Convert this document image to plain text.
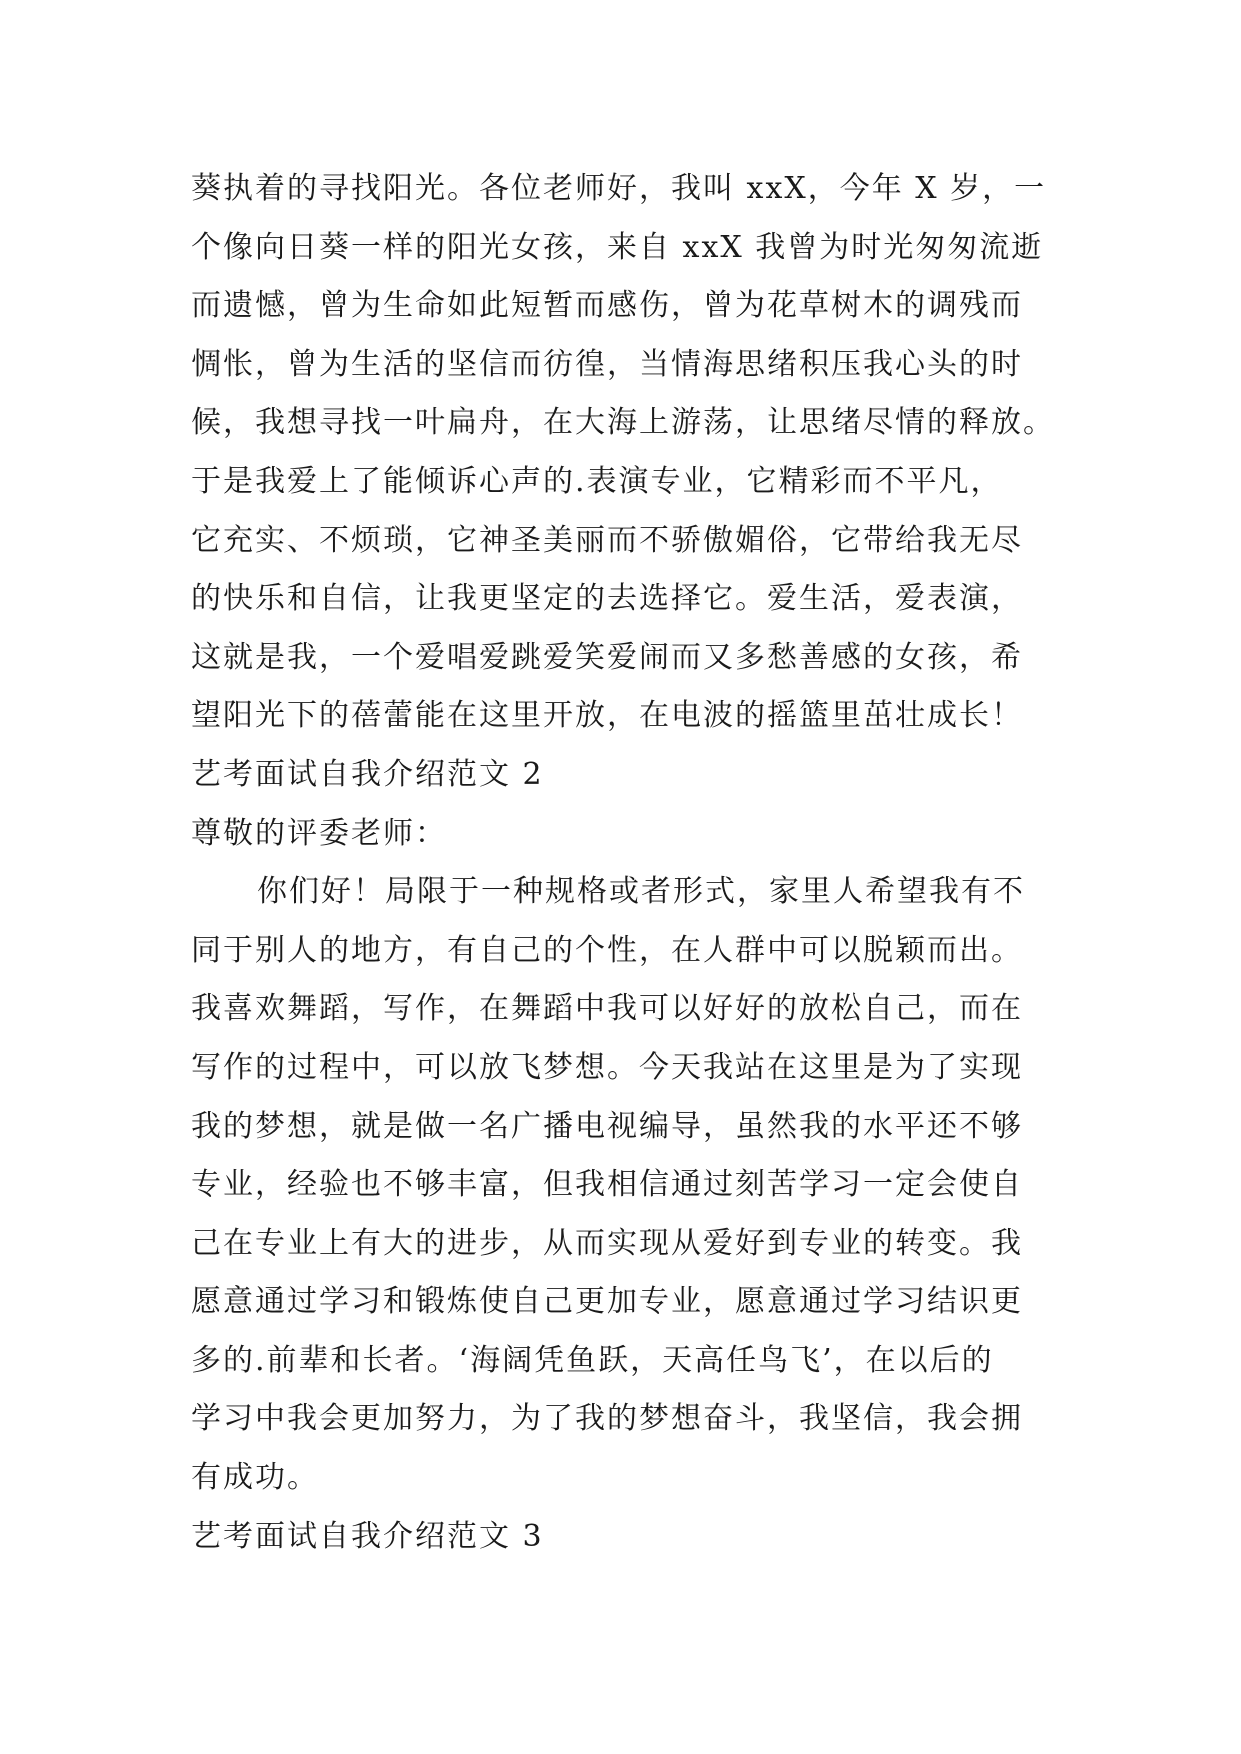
葵执着的寻找阳光。各位老师好，我叫 xxX，今年 X 岁，一
个像向日葵一样的阳光女孩，来自 xxX 我曾为时光匆匆流逝
而遗憾，曾为生命如此短暂而感伤，曾为花草树木的调残而
惆怅，曾为生活的坚信而彷徨，当情海思绪积压我心头的时
候，我想寻找一叶扁舟，在大海上游荡，让思绪尽情的释放。
于是我爱上了能倾诉心声的.表演专业，它精彩而不平凡，
它充实、不烦琐，它神圣美丽而不骄傲媚俗，它带给我无尽
的快乐和自信，让我更坚定的去选择它。爱生活，爱表演，
这就是我，一个爱唱爱跳爱笑爱闹而又多愁善感的女孩，希
望阳光下的蓓蕾能在这里开放，在电波的摇篮里茁壮成长！
艺考面试自我介绍范文 2
尊敬的评委老师：
你们好！局限于一种规格或者形式，家里人希望我有不
同于别人的地方，有自己的个性，在人群中可以脱颖而出。
我喜欢舞蹈，写作，在舞蹈中我可以好好的放松自己，而在
写作的过程中，可以放飞梦想。今天我站在这里是为了实现
我的梦想，就是做一名广播电视编导，虽然我的水平还不够
专业，经验也不够丰富，但我相信通过刻苦学习一定会使自
己在专业上有大的进步，从而实现从爱好到专业的转变。我
愿意通过学习和锻炼使自己更加专业，愿意通过学习结识更
多的.前辈和长者。‘海阔凭鱼跃，天高任鸟飞’，在以后的
学习中我会更加努力，为了我的梦想奋斗，我坚信，我会拥
有成功。
艺考面试自我介绍范文 3
